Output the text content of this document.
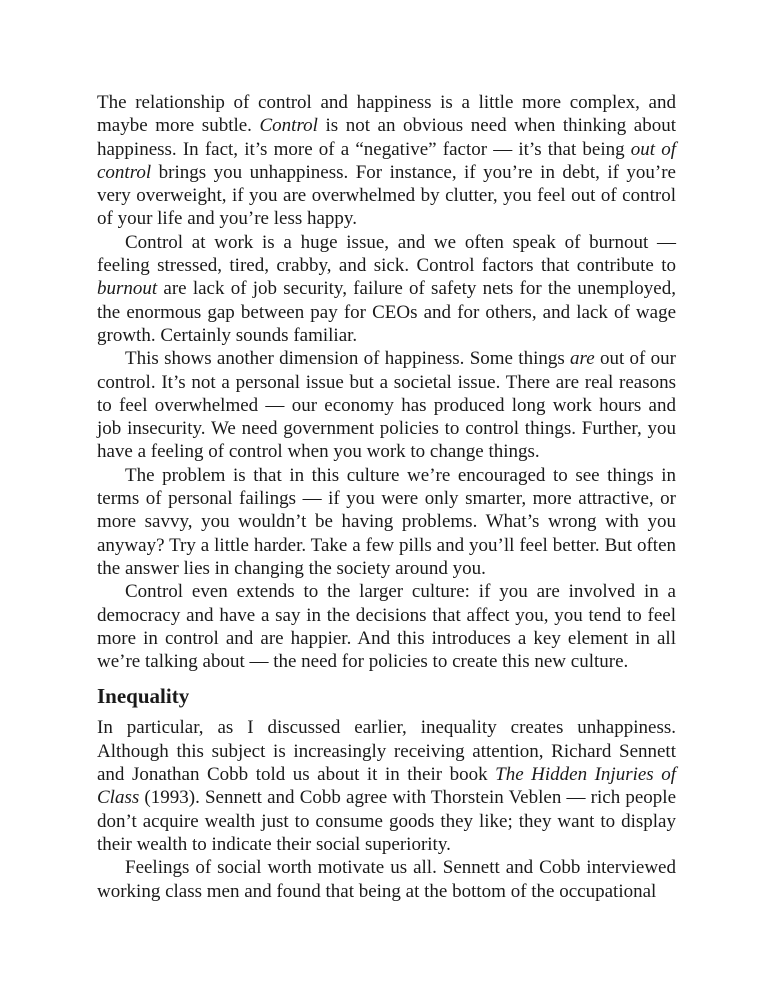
The relationship of control and happiness is a little more complex, and maybe more subtle. Control is not an obvious need when thinking about happiness. In fact, it’s more of a “negative” factor — it’s that being out of control brings you unhappiness. For instance, if you’re in debt, if you’re very overweight, if you are overwhelmed by clutter, you feel out of control of your life and you’re less happy.

Control at work is a huge issue, and we often speak of burnout — feeling stressed, tired, crabby, and sick. Control factors that contribute to burnout are lack of job security, failure of safety nets for the unemployed, the enormous gap between pay for CEOs and for others, and lack of wage growth. Certainly sounds familiar.

This shows another dimension of happiness. Some things are out of our control. It’s not a personal issue but a societal issue. There are real reasons to feel overwhelmed — our economy has produced long work hours and job insecurity. We need government policies to control things. Further, you have a feeling of control when you work to change things.

The problem is that in this culture we’re encouraged to see things in terms of personal failings — if you were only smarter, more attractive, or more savvy, you wouldn’t be having problems. What’s wrong with you anyway? Try a little harder. Take a few pills and you’ll feel better. But often the answer lies in changing the society around you.

Control even extends to the larger culture: if you are involved in a democracy and have a say in the decisions that affect you, you tend to feel more in control and are happier. And this introduces a key element in all we’re talking about — the need for policies to create this new culture.

Inequality

In particular, as I discussed earlier, inequality creates unhappiness. Although this subject is increasingly receiving attention, Richard Sennett and Jonathan Cobb told us about it in their book The Hidden Injuries of Class (1993). Sennett and Cobb agree with Thorstein Veblen — rich people don’t acquire wealth just to consume goods they like; they want to display their wealth to indicate their social superiority.

Feelings of social worth motivate us all. Sennett and Cobb interviewed working class men and found that being at the bottom of the occupational
